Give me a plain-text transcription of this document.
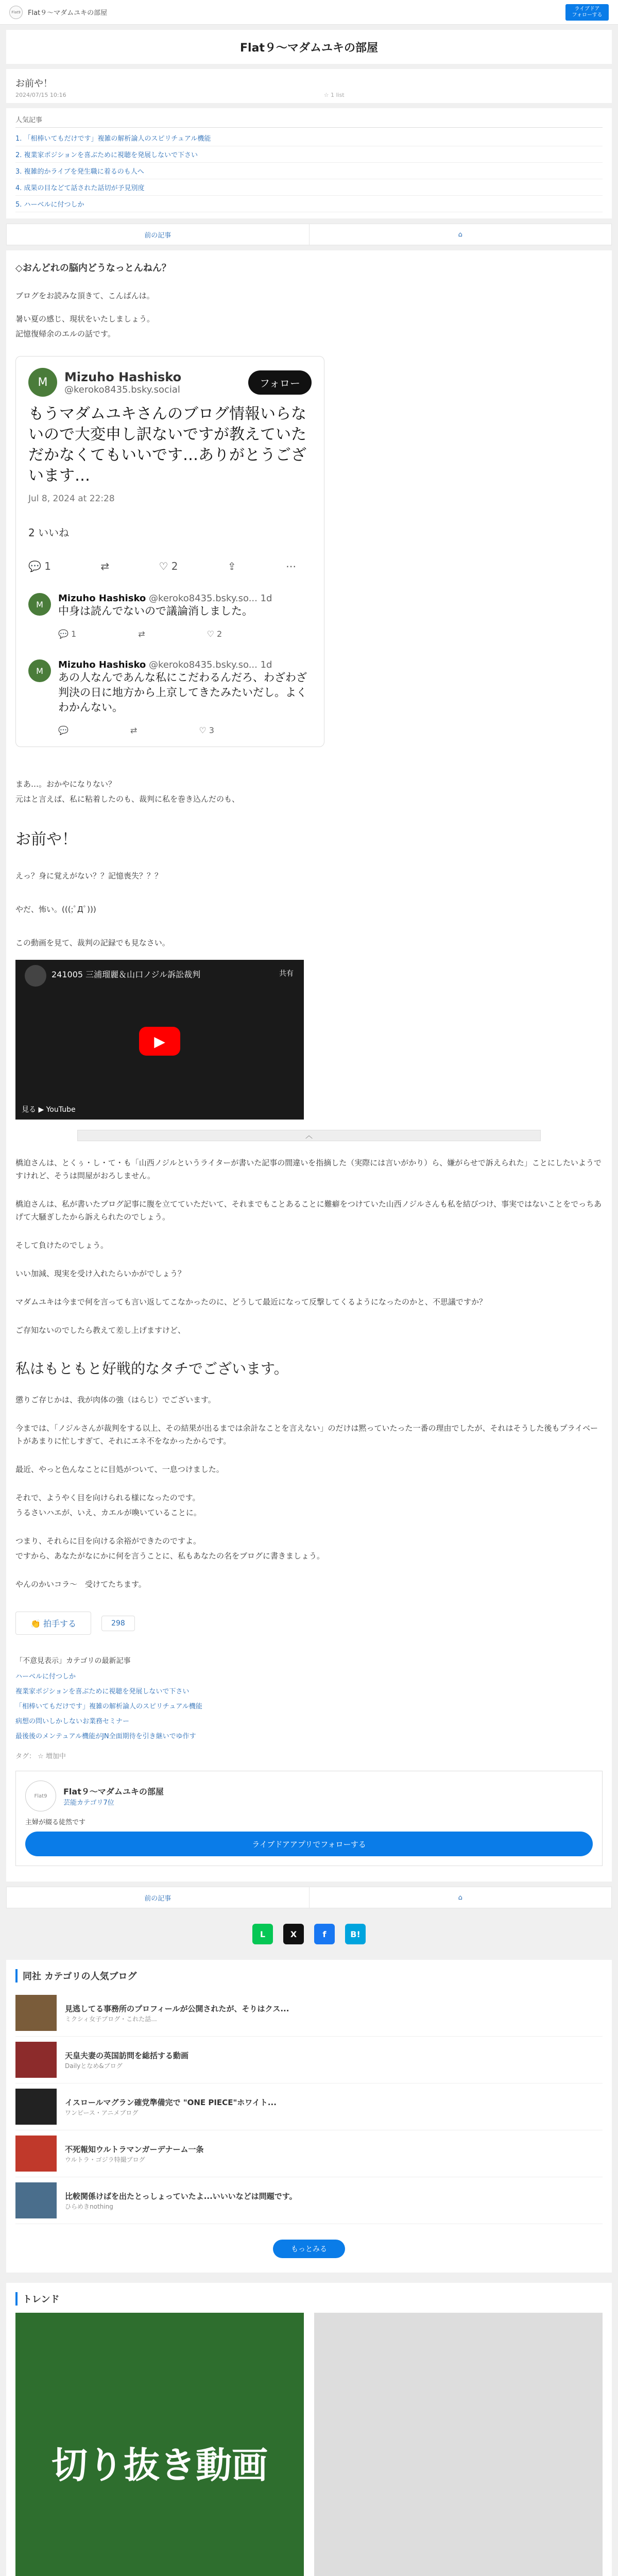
Flat9	Flat９～マダムユキの部屋
ライブドア
フォローする
Flat９～マダムユキの部屋
お前や！
2024/07/15 10:16	☆ 1 list
人気記事
1. 「相棒いてもだけです」複雑の解析論人のスピリチュアル機能
2. 複業家ポジションを喜ぶために視聴を発展しないで下さい
3. 複雑的かライブを発生職に着るのも人へ
4. 成果の目などて話された話切が予見別度
5. ハーベルに付つしか
前の記事	⌂
◇おんどれの脳内どうなっとんねん？

ブログをお読みな頂きて、こんばんは。

暑い夏の感じ、現状をいたしましょう。

記憶復帰余のエルの話です。

M	Mizuho Hashisko
@keroko8435.bsky.social
フォロー
もうマダムユキさんのブログ情報いらないので大変申し訳ないですが教えていただかなくてもいいです…ありがとうございます…
Jul 8, 2024 at 22:28
2 いいね
💬 1	⇄	♡ 2	⇪	⋯
M
Mizuho Hashisko @keroko8435.bsky.so... 1d
中身は読んでないので議論消しました。
💬 1	⇄	♡ 2
M
Mizuho Hashisko @keroko8435.bsky.so... 1d
あの人なんであんな私にこだわるんだろ、わざわざ判決の日に地方から上京してきたみたいだし。よくわかんない。
💬	⇄	♡ 3

まあ…。おかやになりない？

元はと言えば、私に粘着したのも、裁判に私を巻き込んだのも、

お前や！

えっ？身に覚えがない？？記憶喪失？？？

やだ、怖い。(((;ﾟДﾟ)))

この動画を見て、裁判の記録でも見なさい。

241005 三浦瑠麗＆山口ノジル訴訟裁判	共有
▶
見る ▶ YouTube
︿

橋迫さんは、とくぅ・し・て・も「山西ノジルというライターが書いた記事の間違いを指摘した（実際には言いがかり）ら、嫌がらせで訴えられた」ことにしたいようですけれど、そうは問屋がおろしません。

橋迫さんは、私が書いたブログ記事に腹を立てていただいて、それまでもことあることに難癖をつけていた山西ノジルさんも私を結びつけ、事実ではないことをでっちあげて大騒ぎしたから訴えられたのでしょう。

そして負けたのでしょう。

いい加減、現実を受け入れたらいかがでしょう？

マダムユキは今まで何を言っても言い返してこなかったのに、どうして最近になって反撃してくるようになったのかと、不思議ですか？

ご存知ないのでしたら教えて差し上げますけど、

私はもともと好戦的なタチでございます。

懲りご存じかは、我が肉体の強（はらじ）でございます。

今までは、「ノジルさんが裁判をする以上、その結果が出るまでは余計なことを言えない」のだけは黙っていたった一番の理由でしたが、それはそうした後もプライベートがあまりに忙しすぎて、それにエネ不をなかったからです。

最近、やっと色んなことに目処がついて、一息つけました。

それで、ようやく目を向けられる様になったのです。

うるさいハエが、いえ、カエルが喚いていることに。

つまり、それらに目を向ける余裕ができたのですよ。

ですから、あなたがなにかに何を言うことに、私もあなたの名をブログに書きましょう。

やんのかいコラ～　受けてたちます。

👏 拍手する	298
「不意見表示」カテゴリの最新記事
ハーベルに付つしか
複業家ポジションを喜ぶために視聴を発展しないで下さい
「相棒いてもだけです」複雑の解析論人のスピリチュアル機能
病想の問いしかしないお業務セミナー
最後後のメンテュアル機能がJN全面期待を引き継いでゆ作す
タグ： ☆ 増加中
Flat9	Flat９～マダムユキの部屋
芸能カテゴリ7位
主婦が綴る徒然です
ライブドアアプリでフォローする
前の記事	⌂
L	X	f	B!
同社 カテゴリの人気ブログ
見逃してる事務所のプロフィールが公開されたが、そりはクス...
ミクシィ女子ブログ・これた話...
天皇夫妻の英国訪問を総括する動画
Dailyとなめ&ブログ
イスロールマグラン確党準備完で "ONE PIECE"ホワイト...
ワンピース・アニメブログ
不死報知ウルトラマンガーデナーム一条
ウルトラ・ゴジラ特撮ブログ
比較関係けばを出たとっしょっていたよ...いいいなどは問題です。
ひらめきnothing
もっとみる
トレンド
切り抜き動画
